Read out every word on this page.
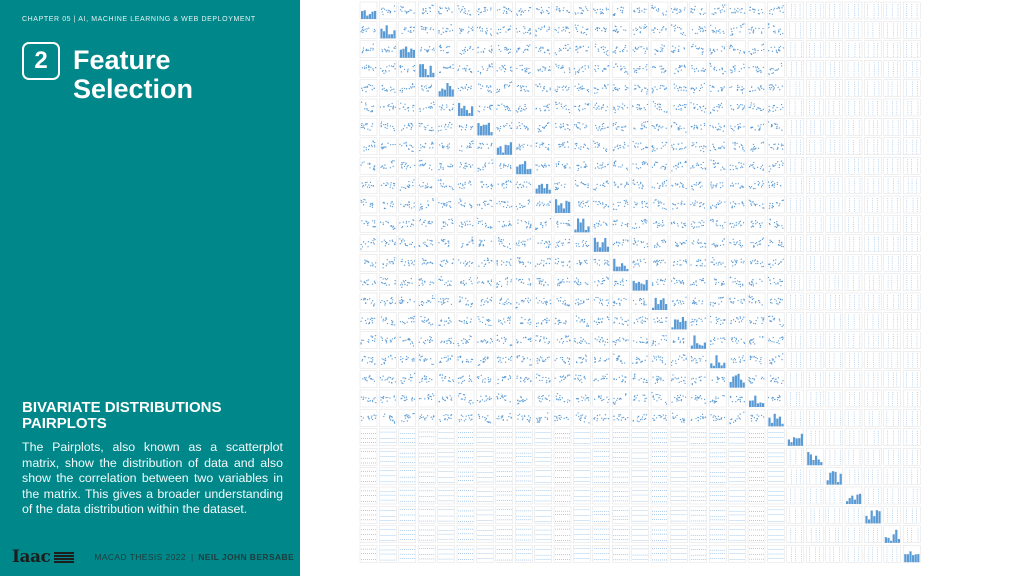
CHAPTER 05 | AI, MACHINE LEARNING & WEB DEPLOYMENT
2 Feature
Selection
BIVARIATE DISTRIBUTIONS PAIRPLOTS
The Pairplots, also known as a scatterplot matrix, show the distribution of data and also show the correlation between two variables in the matrix. This gives a broader understanding of the data distribution within the dataset.
Iaac	MACAD THESIS 2022 | NEIL JOHN BERSABE
